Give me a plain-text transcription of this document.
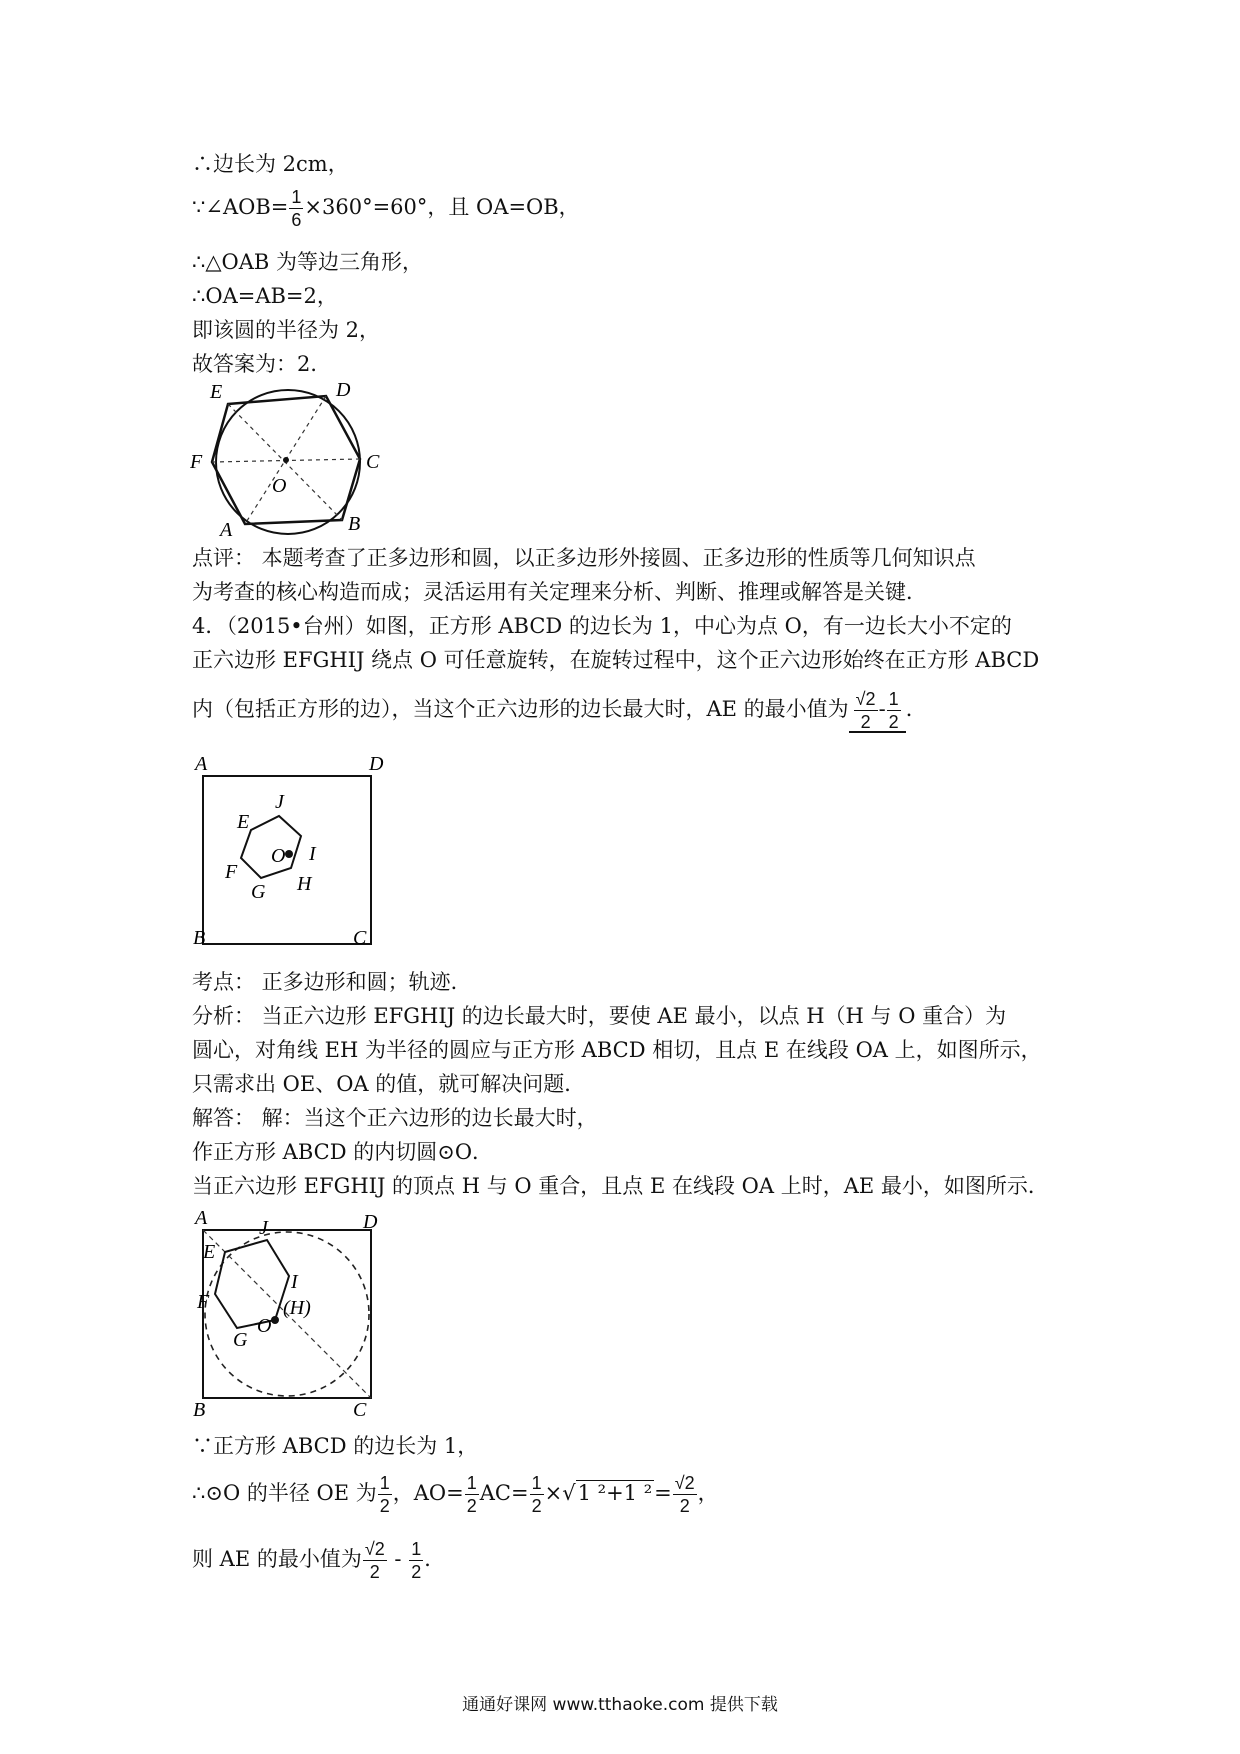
∴边长为 2cm，
∵∠AOB= $\frac{1}{6} \times 360^\circ=60^\circ$，且 OA=OB，
∴△OAB 为等边三角形，
∴OA=AB=2，
即该圆的半径为 2，
故答案为：2．
E	D
F	C
O
A	B
点评： 本题考查了正多边形和圆，以正多边形外接圆、正多边形的性质等几何知识点
为考查的核心构造而成；灵活运用有关定理来分析、判断、推理或解答是关键．
4．（2015•台州）如图，正方形 ABCD 的边长为 1，中心为点 O，有一边长大小不定的
正六边形 EFGHIJ 绕点 O 可任意旋转，在旋转过程中，这个正六边形始终在正方形 ABCD
内（包括正方形的边），当这个正六边形的边长最大时，AE 的最小值为 $\frac{√2}{2} - \frac{1}{2}$ ．
A	D
B	C
E
J
I
O
F
G H
考点： 正多边形和圆；轨迹．
分析： 当正六边形 EFGHIJ 的边长最大时，要使 AE 最小，以点 H（H 与 O 重合）为
圆心，对角线 EH 为半径的圆应与正方形 ABCD 相切，且点 E 在线段 OA 上，如图所示，
只需求出 OE、OA 的值，就可解决问题．
解答： 解：当这个正六边形的边长最大时，
作正方形 ABCD 的内切圆⊙O．
当正六边形 EFGHIJ 的顶点 H 与 O 重合，且点 E 在线段 OA 上时，AE 最小，如图所示．
A	D
B	C
E
J
I
(H)
F
G
O
∵正方形 ABCD 的边长为 1，
∴⊙O 的半径 OE 为 $\frac{1}{2}$ ，$AO= \frac{1}{2} AC= \frac{1}{2} \times√1$ ²+1 $^2= \frac{√2}{2}$ ，
则 AE 的最小值为 $\frac{√2}{2} - \frac{1}{2}$ ．
通通好课网 www.tthaoke.com 提供下载
